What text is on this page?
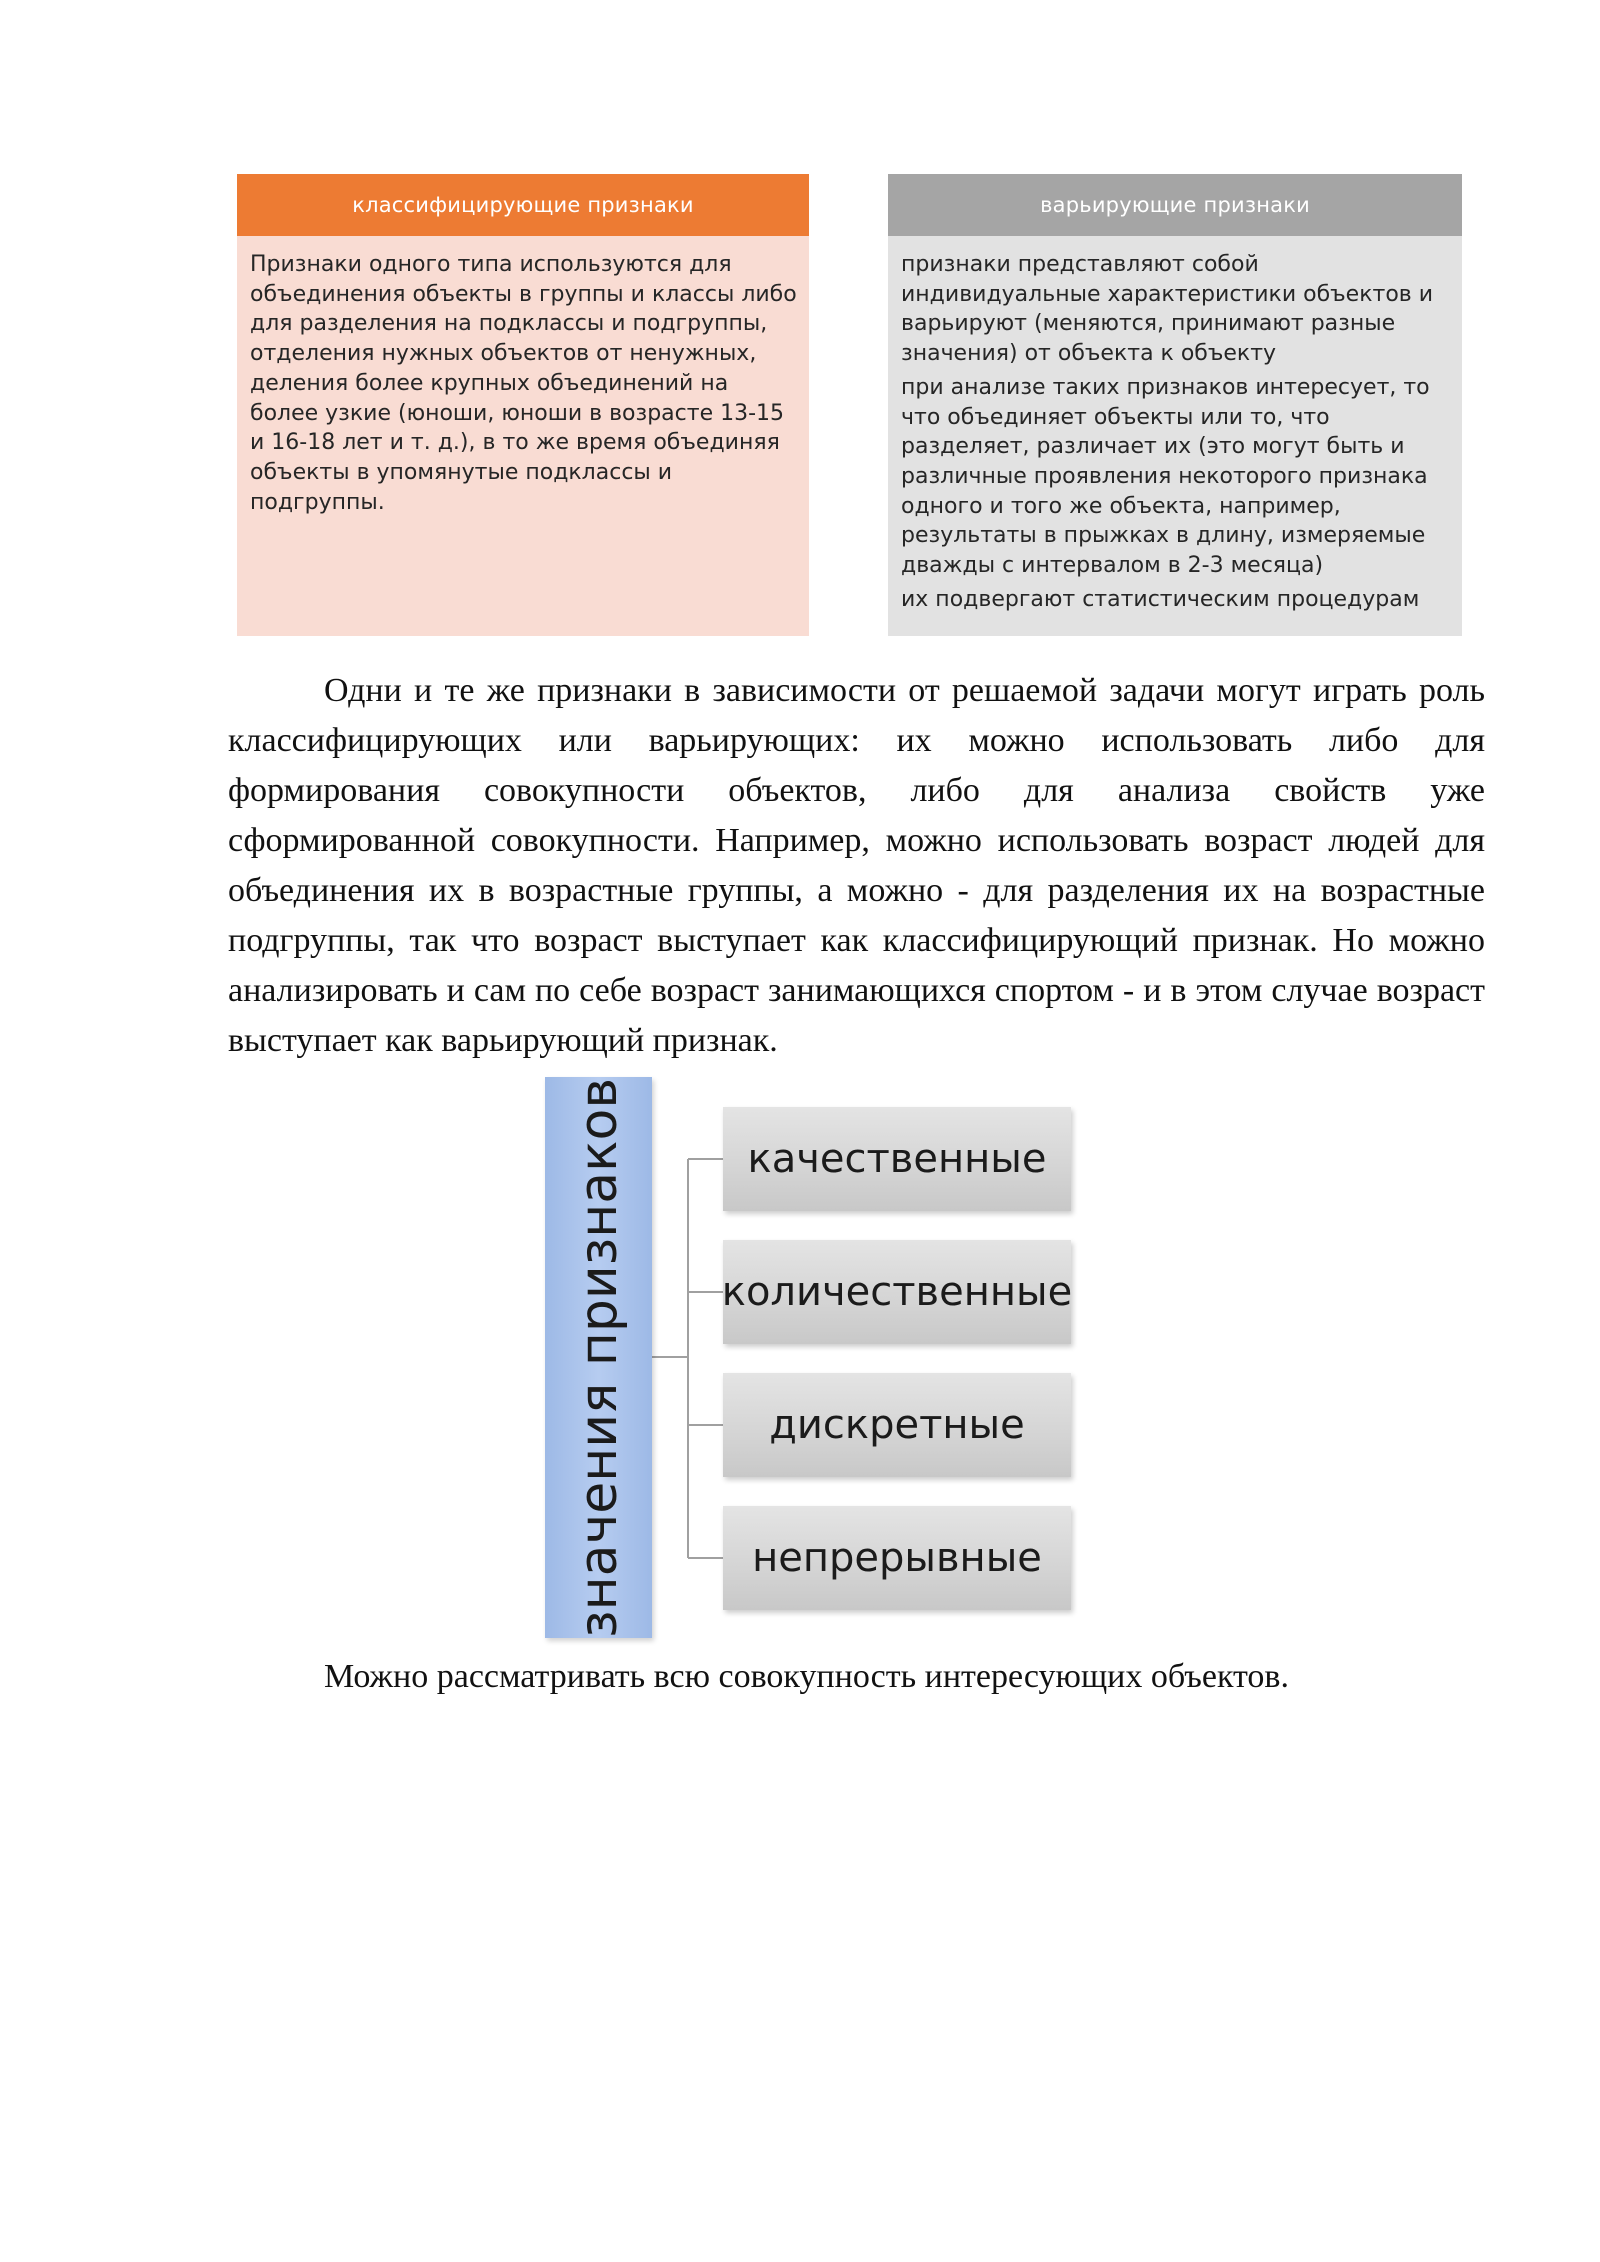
классифицирующие признаки

Признаки одного типа используются для объединения объекты в группы и классы либо для разделения на подклассы и подгруппы, отделения нужных объектов от ненужных, деления более крупных объединений на более узкие (юноши, юноши в возрасте 13-15 и 16-18 лет и т. д.), в то же время объединяя объекты в упомянутые подклассы и подгруппы.

варьирующие признаки

признаки представляют собой индивидуальные характеристики объектов и варьируют (меняются, принимают разные значения) от объекта к объекту

при анализе таких признаков интересует, то что объединяет объекты или то, что разделяет, различает их (это могут быть и различные проявления некоторого признака одного и того же объекта, например, результаты в прыжках в длину, измеряемые дважды с интервалом в 2-3 месяца)

их подвергают статистическим процедурам

Одни и те же признаки в зависимости от решаемой задачи могут играть роль классифицирующих или варьирующих: их можно использовать либо для формирования совокупности объектов, либо для анализа свойств уже сформированной совокупности. Например, можно использовать возраст людей для объединения их в возрастные группы, а можно - для разделения их на возрастные подгруппы, так что возраст выступает как классифицирующий признак. Но можно анализировать и сам по себе возраст занимающихся спортом - и в этом случае возраст выступает как варьирующий признак.

значения признаков	качественные
количественные
дискретные
непрерывные

Можно рассматривать всю совокупность интересующих объектов.
